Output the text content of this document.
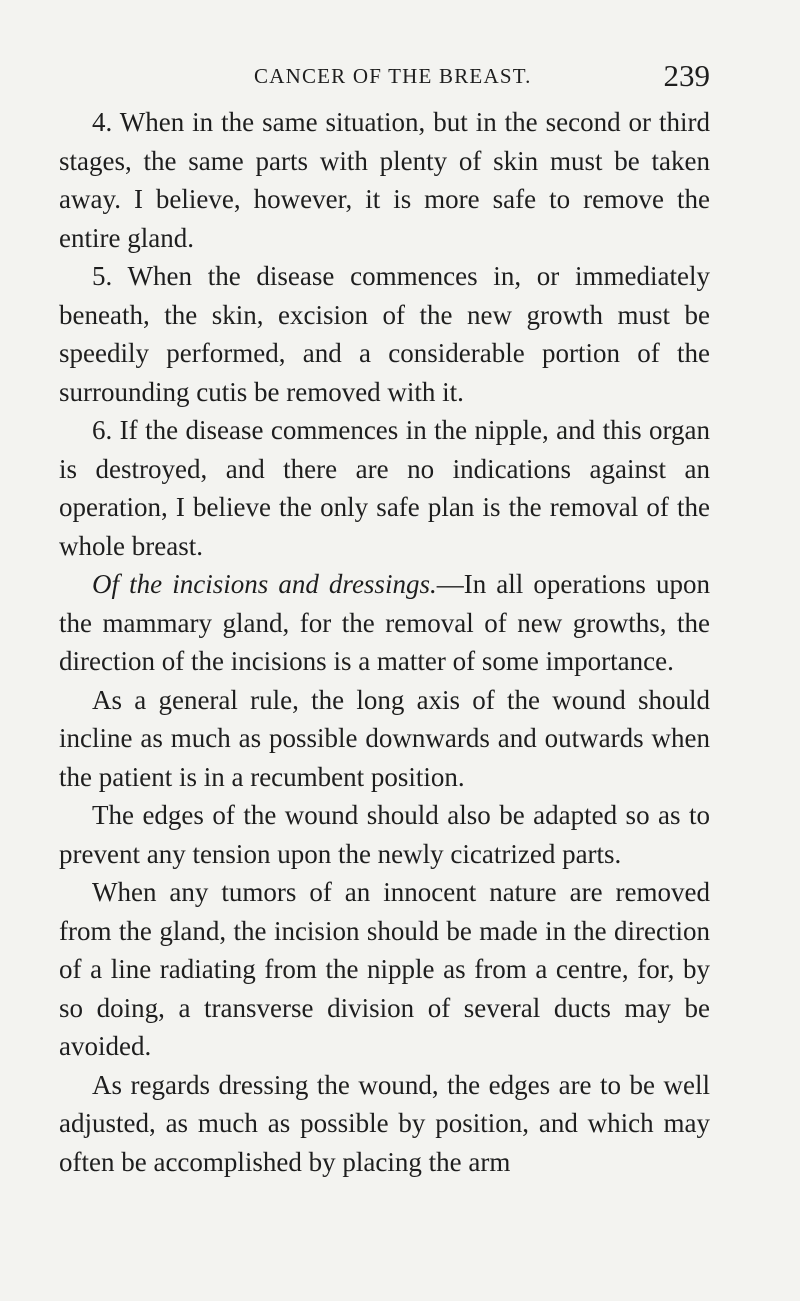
CANCER OF THE BREAST.	239

4. When in the same situation, but in the second or third stages, the same parts with plenty of skin must be taken away. I believe, however, it is more safe to remove the entire gland.

5. When the disease commences in, or immediately beneath, the skin, excision of the new growth must be speedily performed, and a considerable portion of the surrounding cutis be removed with it.

6. If the disease commences in the nipple, and this organ is destroyed, and there are no indications against an operation, I believe the only safe plan is the removal of the whole breast.

Of the incisions and dressings.—In all operations upon the mammary gland, for the removal of new growths, the direction of the incisions is a matter of some importance.

As a general rule, the long axis of the wound should incline as much as possible downwards and outwards when the patient is in a recumbent position.

The edges of the wound should also be adapted so as to prevent any tension upon the newly cicatrized parts.

When any tumors of an innocent nature are removed from the gland, the incision should be made in the direction of a line radiating from the nipple as from a centre, for, by so doing, a transverse division of several ducts may be avoided.

As regards dressing the wound, the edges are to be well adjusted, as much as possible by position, and which may often be accomplished by placing the arm
